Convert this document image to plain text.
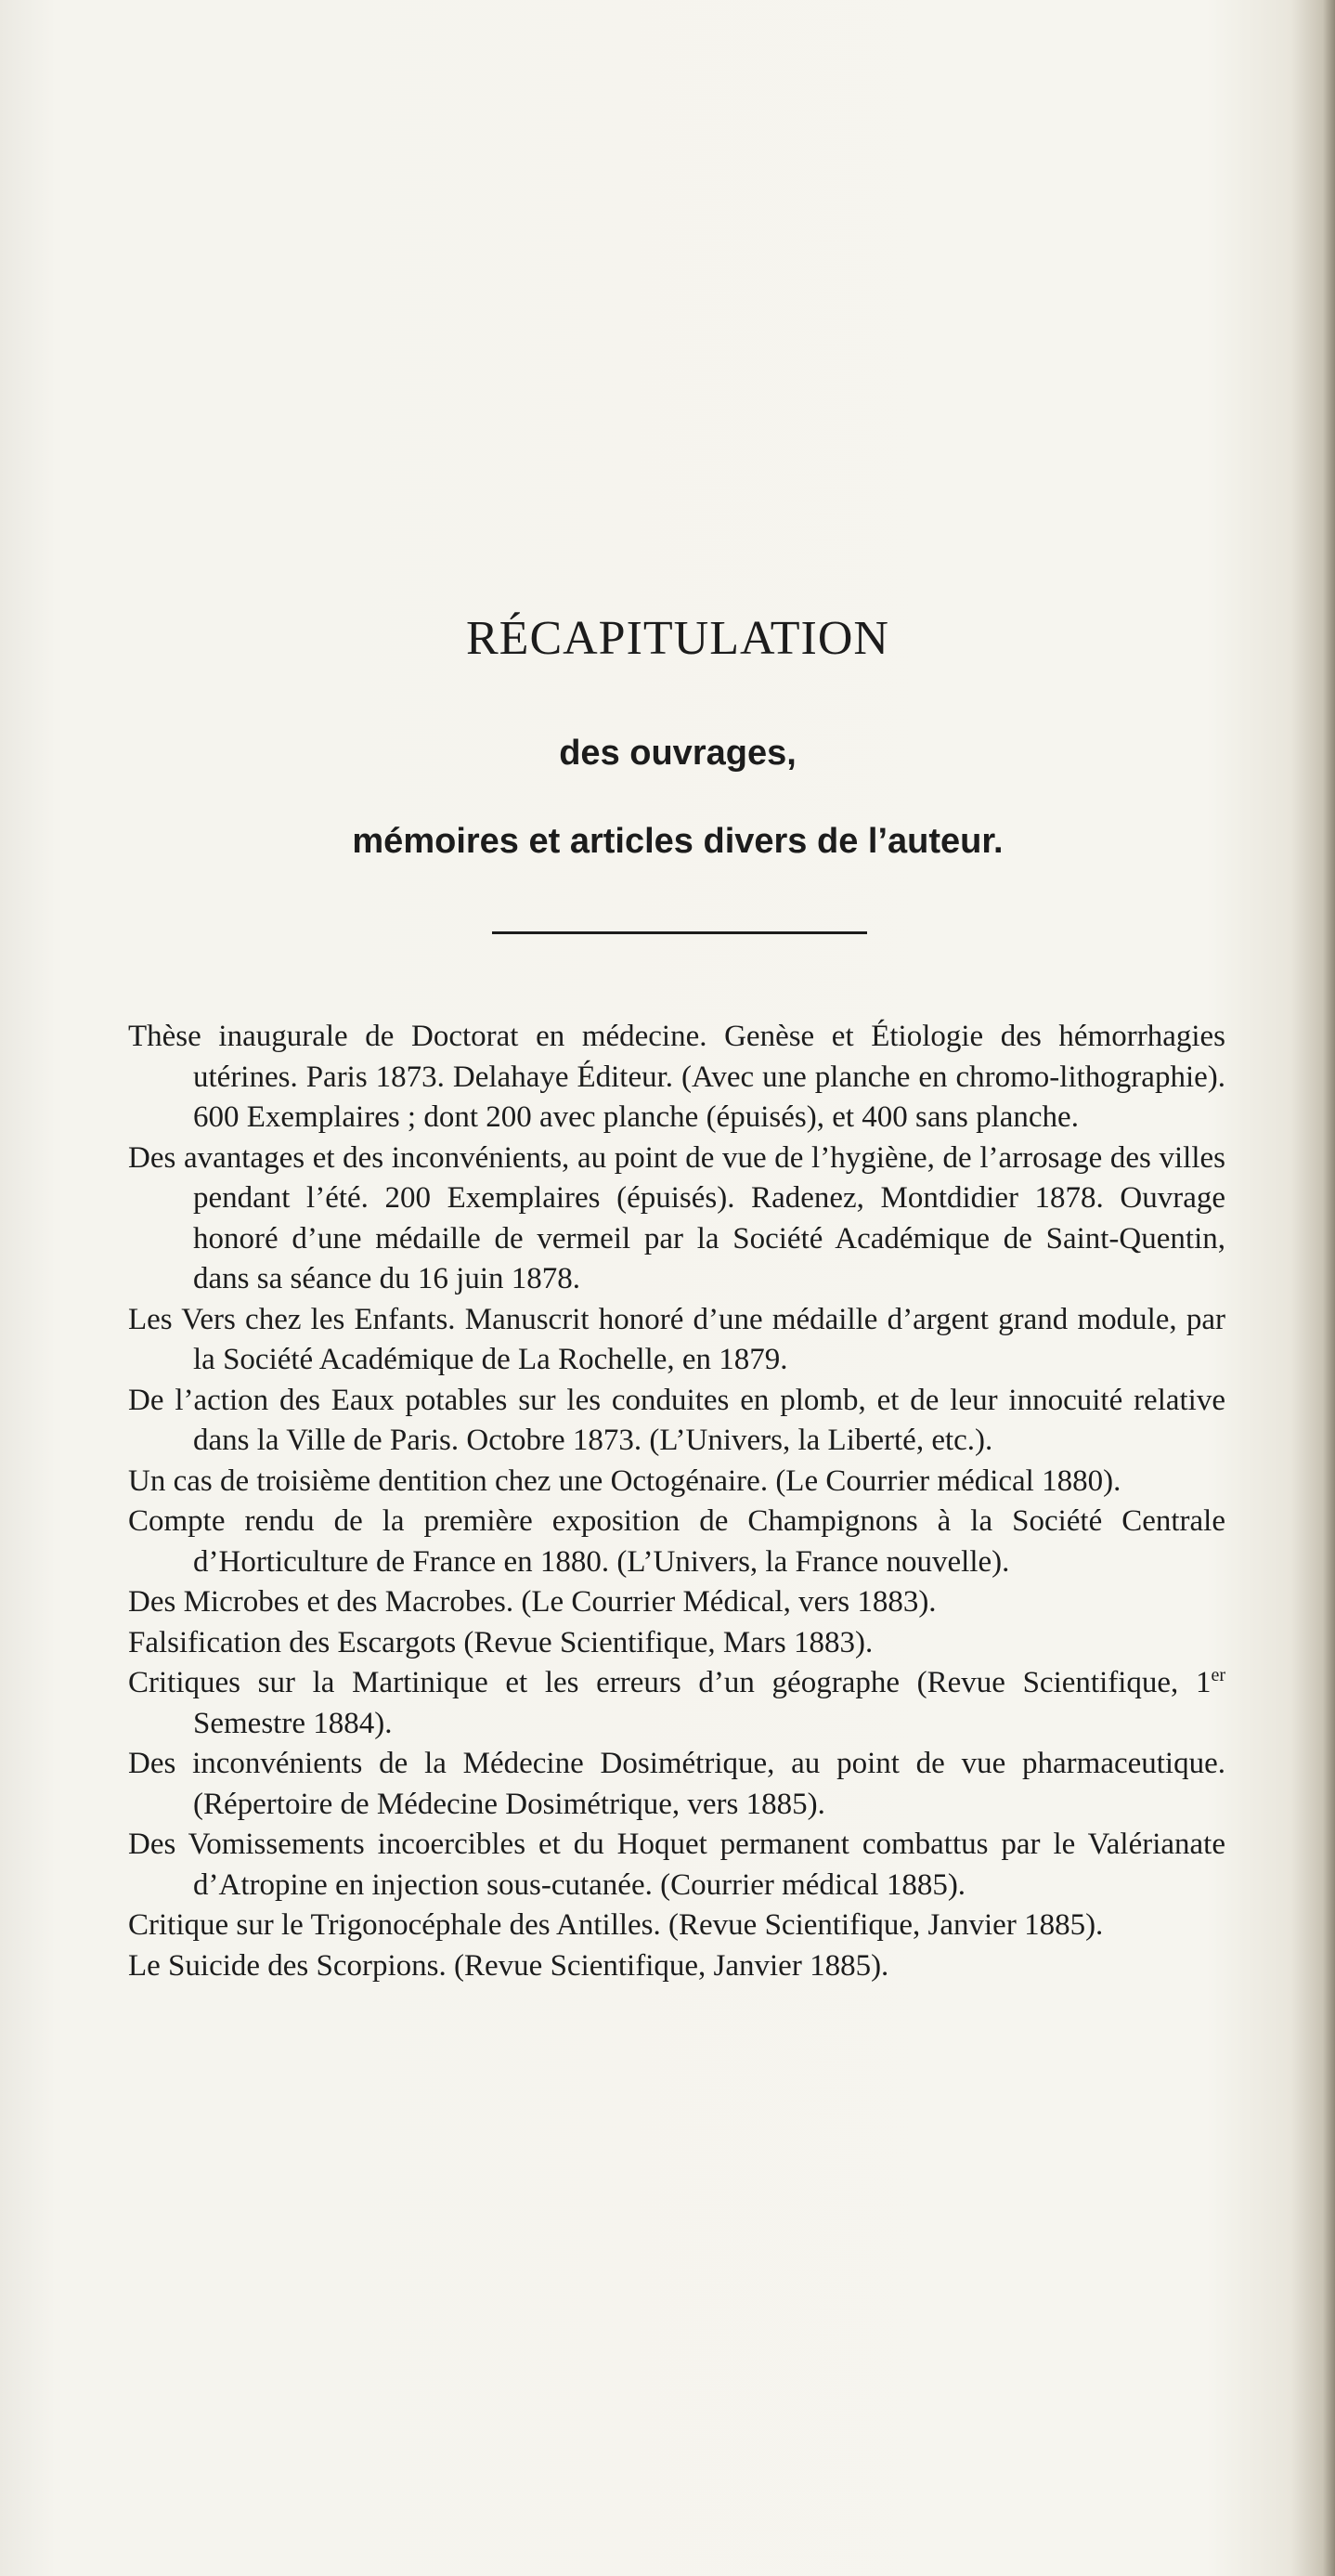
RÉCAPITULATION
des ouvrages,
mémoires et articles divers de l’auteur.
Thèse inaugurale de Doctorat en médecine. Genèse et Étiologie des hémorrhagies utérines. Paris 1873. Delahaye Éditeur. (Avec une planche en chromo-lithographie). 600 Exemplaires ; dont 200 avec planche (épuisés), et 400 sans planche.
Des avantages et des inconvénients, au point de vue de l’hygiène, de l’arrosage des villes pendant l’été. 200 Exemplaires (épuisés). Radenez, Montdidier 1878. Ouvrage honoré d’une médaille de vermeil par la Société Académique de Saint-Quentin, dans sa séance du 16 juin 1878.
Les Vers chez les Enfants. Manuscrit honoré d’une médaille d’argent grand module, par la Société Académique de La Rochelle, en 1879.
De l’action des Eaux potables sur les conduites en plomb, et de leur innocuité relative dans la Ville de Paris. Octobre 1873. (L’Univers, la Liberté, etc.).
Un cas de troisième dentition chez une Octogénaire. (Le Courrier médical 1880).
Compte rendu de la première exposition de Champignons à la Société Centrale d’Horticulture de France en 1880. (L’Univers, la France nouvelle).
Des Microbes et des Macrobes. (Le Courrier Médical, vers 1883).
Falsification des Escargots (Revue Scientifique, Mars 1883).
Critiques sur la Martinique et les erreurs d’un géographe (Revue Scientifique, 1er Semestre 1884).
Des inconvénients de la Médecine Dosimétrique, au point de vue pharmaceutique. (Répertoire de Médecine Dosimétrique, vers 1885).
Des Vomissements incoercibles et du Hoquet permanent combattus par le Valérianate d’Atropine en injection sous-cutanée. (Courrier médical 1885).
Critique sur le Trigonocéphale des Antilles. (Revue Scientifique, Janvier 1885).
Le Suicide des Scorpions. (Revue Scientifique, Janvier 1885).
